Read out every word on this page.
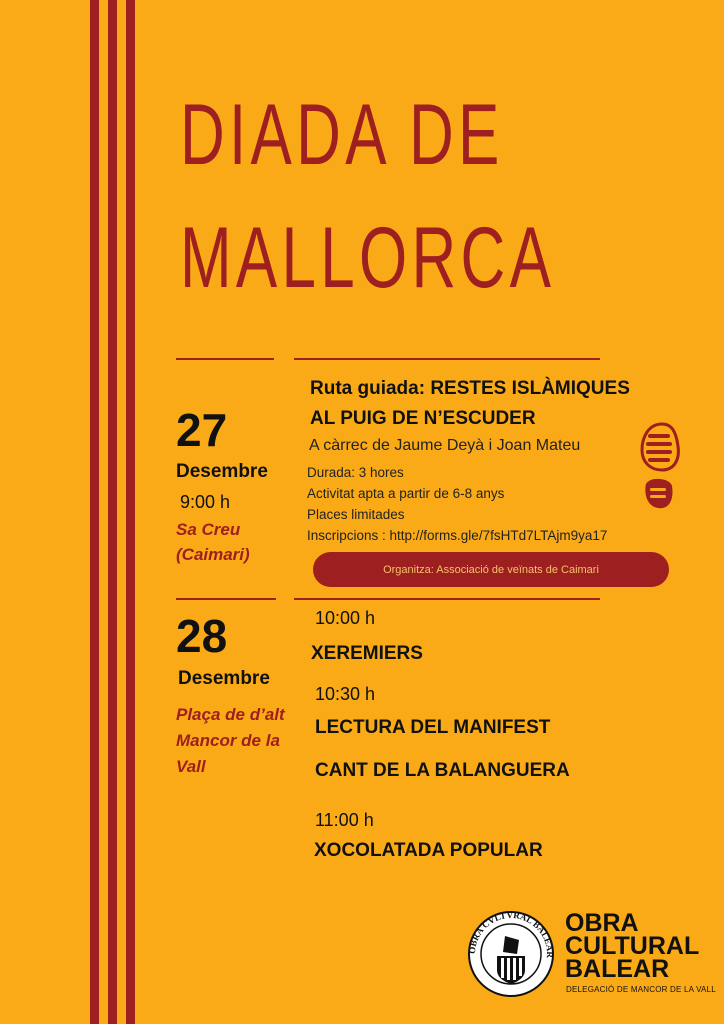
DIADA DE
MALLORCA
27
Desembre
9:00 h
Sa Creu
(Caimari)
Ruta guiada: RESTES ISLÀMIQUES
AL PUIG DE N’ESCUDER
A càrrec de Jaume Deyà i Joan Mateu
Durada: 3 hores
Activitat apta a partir de 6-8 anys
Places limitades
Inscripcions : http://forms.gle/7fsHTd7LTAjm9ya17
Organitza: Associació de veïnats de Caimari
28
Desembre
Plaça de d’alt
Mancor de la
Vall
10:00 h
XEREMIERS
10:30 h
LECTURA DEL MANIFEST
CANT DE LA BALANGUERA
11:00 h
XOCOLATADA POPULAR
OBRA CVLTVRAL BALEAR
OBRA
CULTURAL
BALEAR
DELEGACIÓ DE MANCOR DE LA VALL
